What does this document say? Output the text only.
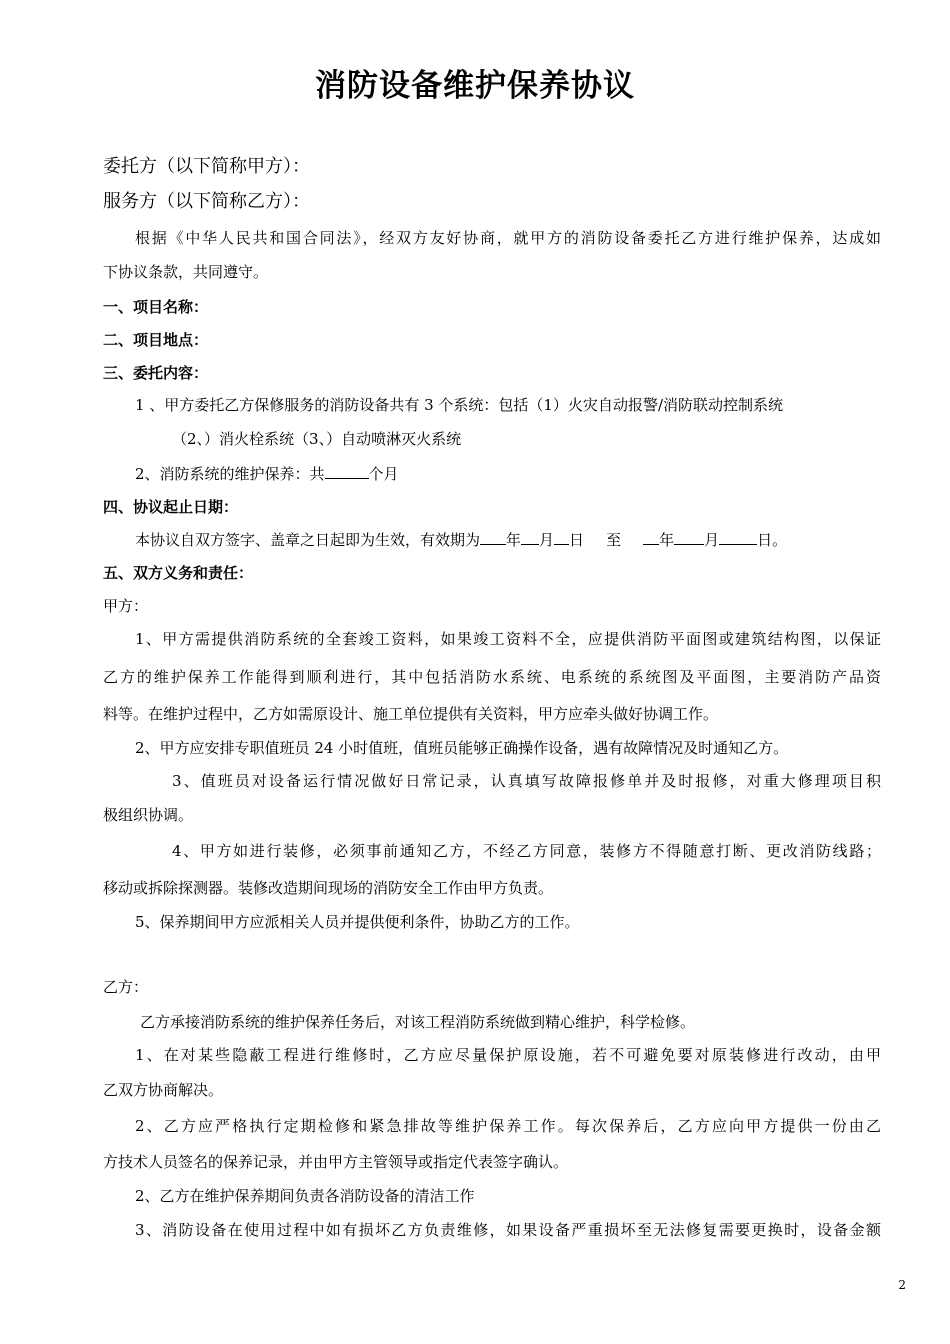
消防设备维护保养协议
委托方（以下简称甲方）：
服务方（以下简称乙方）：
根据《中华人民共和国合同法》，经双方友好协商，就甲方的消防设备委托乙方进行维护保养，达成如
下协议条款，共同遵守。
一、项目名称：
二、项目地点：
三、委托内容：
1 、甲方委托乙方保修服务的消防设备共有 3 个系统：包括（1）火灾自动报警/消防联动控制系统
（2、）消火栓系统（3、）自动喷淋灭火系统
2、消防系统的维护保养：共	个月
四、协议起止日期：
本协议自双方签字、盖章之日起即为生效，有效期为 年 月 日 至	年 月	日。
五、双方义务和责任：
甲方：
1、甲方需提供消防系统的全套竣工资料，如果竣工资料不全，应提供消防平面图或建筑结构图，以保证
乙方的维护保养工作能得到顺利进行，其中包括消防水系统、电系统的系统图及平面图，主要消防产品资
料等。在维护过程中，乙方如需原设计、施工单位提供有关资料，甲方应牵头做好协调工作。
2、甲方应安排专职值班员 24 小时值班，值班员能够正确操作设备，遇有故障情况及时通知乙方。
3、值班员对设备运行情况做好日常记录，认真填写故障报修单并及时报修，对重大修理项目积
极组织协调。
4、甲方如进行装修，必须事前通知乙方，不经乙方同意，装修方不得随意打断、更改消防线路；
移动或拆除探测器。装修改造期间现场的消防安全工作由甲方负责。
5、保养期间甲方应派相关人员并提供便利条件，协助乙方的工作。
乙方：
乙方承接消防系统的维护保养任务后，对该工程消防系统做到精心维护，科学检修。
1、在对某些隐蔽工程进行维修时，乙方应尽量保护原设施，若不可避免要对原装修进行改动，由甲
乙双方协商解决。
2、乙方应严格执行定期检修和紧急排故等维护保养工作。每次保养后，乙方应向甲方提供一份由乙
方技术人员签名的保养记录，并由甲方主管领导或指定代表签字确认。
2、乙方在维护保养期间负责各消防设备的清洁工作
3、消防设备在使用过程中如有损坏乙方负责维修，如果设备严重损坏至无法修复需要更换时，设备金额
2
